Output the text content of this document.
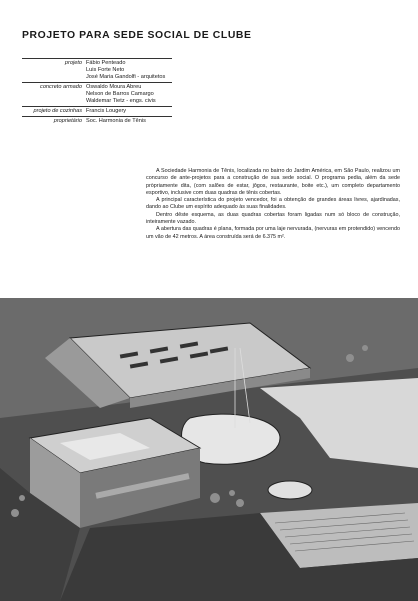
PROJETO PARA SEDE SOCIAL DE CLUBE
projeto Fábio Penteado
Luis Forte Neto
José Maria Gandolfi - arquitetos
concreto armado Oswaldo Moura Abreu
Nelson de Barros Camargo
Waldemar Tietz - engs. civis
projeto de cozinhas Francis Lougery
proprietário Soc. Harmonia de Tênis

A Sociedade Harmonia de Tênis, localizada no bairro do Jardim América, em São Paulo, realizou um concurso de ante-projetos para a construção de sua sede social. O programa pedia, além da sede pròpriamente dita, (com salões de estar, jôgos, restaurante, boite etc.), um completo departamento esportivo, inclusive com duas quadras de tênis cobertas.

A principal característica do projeto vencedor, foi a obtenção de grandes áreas livres, ajardinadas, dando ao Clube um espírito adequado às suas finalidades.

Dentro dêste esquema, as duas quadras cobertas foram ligadas num só bloco de construção, inteiramente vazado.

A abertura das quadras é plana, formada por uma laje nervurada, (nervuras em protendido) vencendo um vão de 42 metros. A área construída será de 6.375 m².
